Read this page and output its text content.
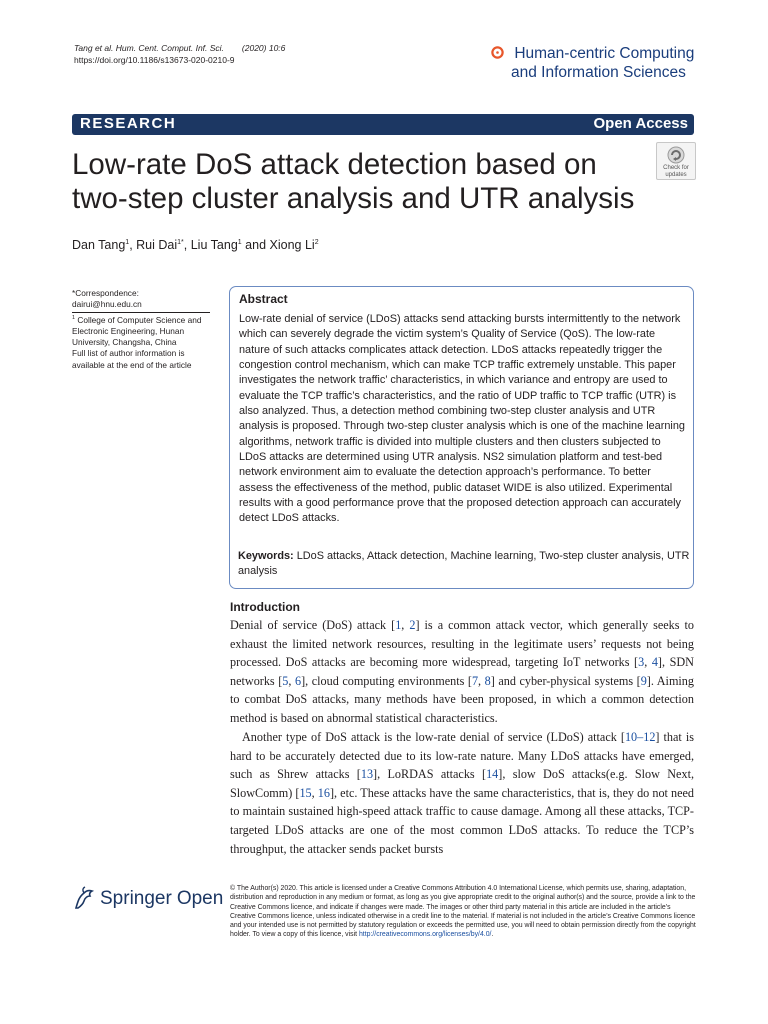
Tang et al. Hum. Cent. Comput. Inf. Sci. (2020) 10:6
https://doi.org/10.1186/s13673-020-0210-9	Human-centric Computing
and Information Sciences
RESEARCH	Open Access
Low-rate DoS attack detection based on two-step cluster analysis and UTR analysis
Check for
updates
Dan Tang$^1$, Rui Dai$^{1*}$, Liu Tang$^1$ and Xiong Li$^2$
*Correspondence:
dairui@hnu.edu.cn
$^1$ College of Computer Science and Electronic Engineering, Hunan University, Changsha, China
Full list of author information is available at the end of the article
Abstract
Low-rate denial of service (LDoS) attacks send attacking bursts intermittently to the network which can severely degrade the victim system’s Quality of Service (QoS). The low-rate nature of such attacks complicates attack detection. LDoS attacks repeatedly trigger the congestion control mechanism, which can make TCP traffic extremely unstable. This paper investigates the network traffic’ characteristics, in which variance and entropy are used to evaluate the TCP traffic’s characteristics, and the ratio of UDP traffic to TCP traffic (UTR) is also analyzed. Thus, a detection method combining two-step cluster analysis and UTR analysis is proposed. Through two-step cluster analysis which is one of the machine learning algorithms, network traffic is divided into multiple clusters and then clusters subjected to LDoS attacks are determined using UTR analysis. NS2 simulation platform and test-bed network environment aim to evaluate the detection approach’s performance. To better assess the effectiveness of the method, public dataset WIDE is also utilized. Experimental results with a good performance prove that the proposed detection approach can accurately detect LDoS attacks.
Keywords: LDoS attacks, Attack detection, Machine learning, Two-step cluster analysis, UTR analysis
Introduction
Denial of service (DoS) attack [1, 2] is a common attack vector, which generally seeks to exhaust the limited network resources, resulting in the legitimate users’ requests not being processed. DoS attacks are becoming more widespread, targeting IoT networks [3, 4], SDN networks [5, 6], cloud computing environments [7, 8] and cyber-physical systems [9]. Aiming to combat DoS attacks, many methods have been proposed, in which a common detection method is based on abnormal statistical characteristics.
Another type of DoS attack is the low-rate denial of service (LDoS) attack [10–12] that is hard to be accurately detected due to its low-rate nature. Many LDoS attacks have emerged, such as Shrew attacks [13], LoRDAS attacks [14], slow DoS attacks(e.g. Slow Next, SlowComm) [15, 16], etc. These attacks have the same characteristics, that is, they do not need to maintain sustained high-speed attack traffic to cause damage. Among all these attacks, TCP-targeted LDoS attacks are one of the most common LDoS attacks. To reduce the TCP’s throughput, the attacker sends packet bursts
Springer Open © The Author(s) 2020. This article is licensed under a Creative Commons Attribution 4.0 International License, which permits use, sharing, adaptation, distribution and reproduction in any medium or format, as long as you give appropriate credit to the original author(s) and the source, provide a link to the Creative Commons licence, and indicate if changes were made. The images or other third party material in this article are included in the article’s Creative Commons licence, unless indicated otherwise in a credit line to the material. If material is not included in the article’s Creative Commons licence and your intended use is not permitted by statutory regulation or exceeds the permitted use, you will need to obtain permission directly from the copyright holder. To view a copy of this licence, visit http://creativecommons.org/licenses/by/4.0/.
